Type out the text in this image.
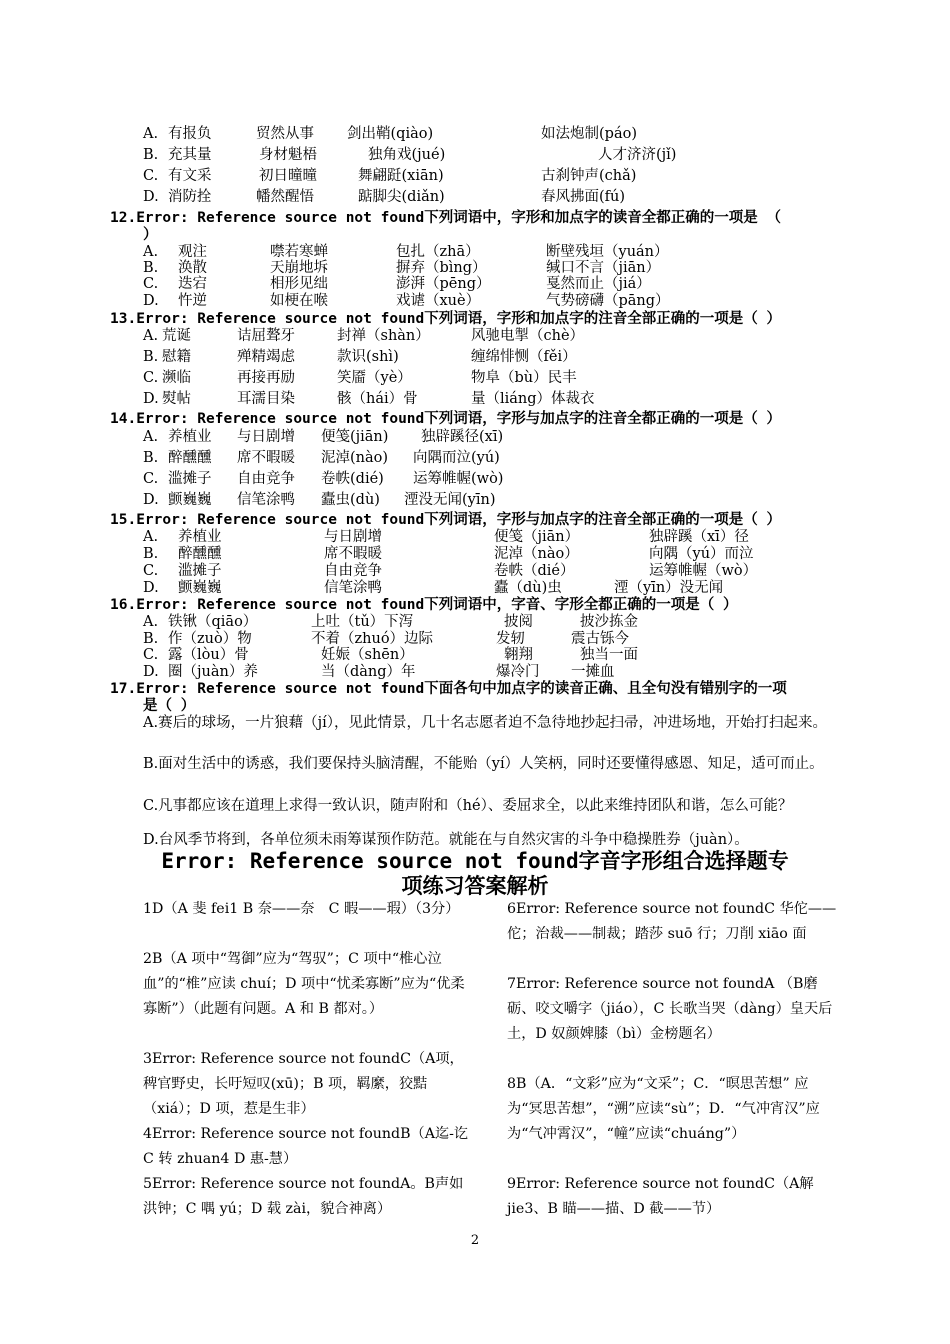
A. 有报负	贸然从事 剑出鞘(qiào)	如法炮制(páo)
B. 充其量	身材魁梧	独角戏(jué)	人才济济(jǐ)
C. 有文采	初日曈曈	舞翩跹(xiān)	古刹钟声(chǎ)
D. 消防拴	幡然醒悟	踮脚尖(diǎn)	春风拂面(fú)
12.Error: Reference source not found下列词语中，字形和加点字的读音全都正确的一项是 （
）
A. 观注	噤若寒蝉	包扎（zhā）	断壁残垣（yuán）
B. 涣散	天崩地坼	摒弃（bìng）	缄口不言（jiān）
C. 迭宕	相形见绌	澎湃（pēng）	戛然而止（jiá）
D. 忤逆	如梗在喉	戏谑（xuè）	气势磅礴（pāng）
13.Error: Reference source not found下列词语，字形和加点字的注音全部正确的一项是（ ）
A. 荒诞	诘屈聱牙	封禅（shàn）	风驰电掣（chè）
B. 慰籍	殚精竭虑	款识(shì)	缠绵悱恻（fěi）
C. 濒临	再接再励	笑靥（yè）	物阜（bù）民丰
D. 熨帖	耳濡目染	骸（hái）骨	量（liáng）体裁衣
14.Error: Reference source not found下列词语，字形与加点字的注音全都正确的一项是（ ）
A. 养植业 与日剧增 便笺(jiān) 独辟蹊径(xī)
B. 醉醺醺 席不暇暖 泥淖(nào) 向隅而泣(yú)
C. 滥摊子 自由竞争 卷帙(dié) 运筹帷幄(wò)
D. 颤巍巍 信笔涂鸭 蠹虫(dù) 湮没无闻(yīn)
15.Error: Reference source not found下列词语，字形与加点字的注音全部正确的一项是（ ）
A. 养植业	与日剧增	便笺（jiān）	独辟蹊（xī）径
B. 醉醺醺	席不暇暖	泥淖（nào）	向隅（yú）而泣
C. 滥摊子	自由竞争	卷帙（dié）	运筹帷幄（wò）
D. 颤巍巍	信笔涂鸭	蠹（dù)虫	湮（yīn）没无闻
16.Error: Reference source not found下列词语中，字音、字形全都正确的一项是（ ）
A. 铁锹（qiāo）	上吐（tǔ）下泻	披阅	披沙拣金
B. 作（zuò）物	不着（zhuó）边际	发轫	震古铄今
C. 露（lòu）骨	妊娠（shēn）	翱翔	独当一面
D. 圈（juàn）养	当（dàng）年	爆冷门 一摊血
17.Error: Reference source not found下面各句中加点字的读音正确、且全句没有错别字的一项
是（ ）
A.赛后的球场，一片狼藉（jí），见此情景，几十名志愿者迫不急待地抄起扫帚，冲进场地，开始打扫起来。
B.面对生活中的诱惑，我们要保持头脑清醒，不能贻（yí）人笑柄，同时还要懂得感恩、知足，适可而止。
C.凡事都应该在道理上求得一致认识，随声附和（hé）、委屈求全，以此来维持团队和谐，怎么可能？
D.台风季节将到，各单位须未雨筹谋预作防范。就能在与自然灾害的斗争中稳操胜券（juàn）。
Error: Reference source not found字音字形组合选择题专
项练习答案解析
1D（A 斐 fei1 B 奈——奈　C 暇——瑕）（3分）
2B（A 项中“驾御”应为“驾驭”；C 项中“椎心泣血”的“椎”应读 chuí；D 项中“忧柔寡断”应为“优柔寡断”）（此题有问题。A 和 B 都对。）
3Error: Reference source not foundC（A项，稗官野史，长吁短叹(xū)；B 项，羁縻，狡黠（xiá）；D 项，惹是生非）
4Error: Reference source not foundB（A迄-讫 C 转 zhuan4 D 惠-慧）
5Error: Reference source not foundA。B声如洪钟；C 喁 yú；D 载 zài，貌合神离）
6Error: Reference source not foundC 华佗——佗；治裁——制裁；踏莎 suō 行；刀削 xiāo 面
7Error: Reference source not foundA （B磨砺、咬文嚼字（jiáo），C 长歌当哭（dàng）皇天后土，D 奴颜婢膝（bì）金榜题名）
8B（A．“文彩”应为“文采”；C．“暝思苦想” 应为“冥思苦想”，“溯”应读“sù”；D．“气冲宵汉”应为“气冲霄汉”，“幢”应读“chuáng”）
9Error: Reference source not foundC（A解 jie3、B 瞄——描、D 截——节）
2
